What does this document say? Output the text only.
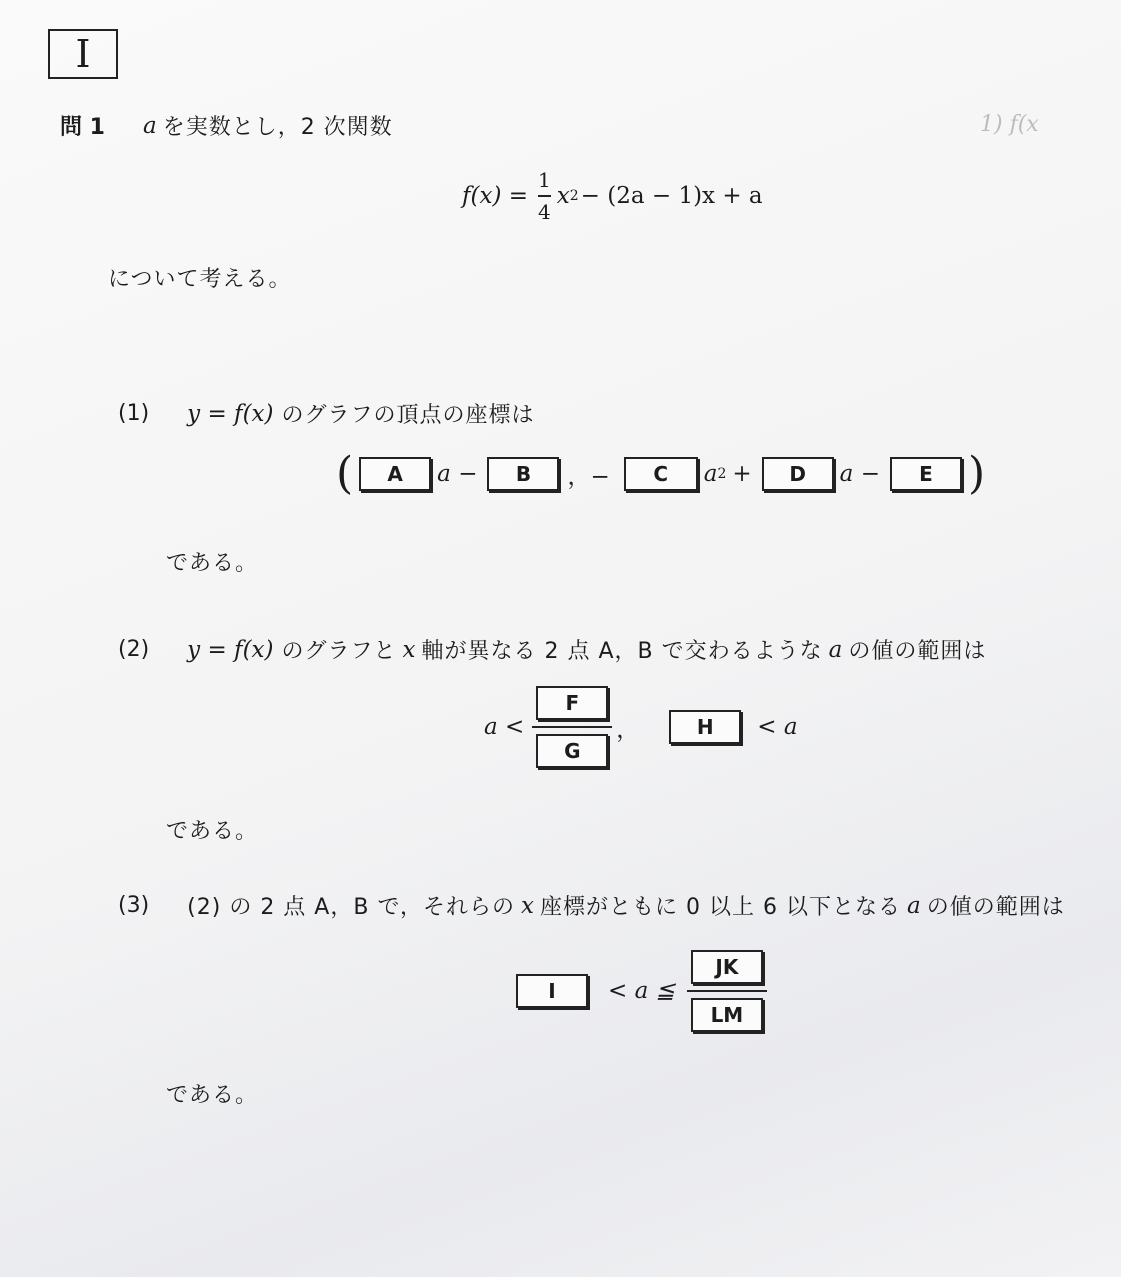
I
問 1 a を実数とし，2 次関数	1) f(x
$f(x) = \frac{1}{4}$ x 2 − (2a − 1)x + a
について考える。
(1) y = f(x) のグラフの頂点の座標は
(	A	a −	B	，−	C	a 2 +	D	a −	E )
である。
(2) y = f(x) のグラフと x 軸が異なる 2 点 A，B で交わるような a の値の範囲は
$a < \frac{F}{G}$ ，	H	< a
である。
(3) (2) の 2 点 A，B で，それらの x 座標がともに 0 以上 6 以下となる a の値の範囲は
I	< a ≦ $\frac{JK}{LM}$
である。
